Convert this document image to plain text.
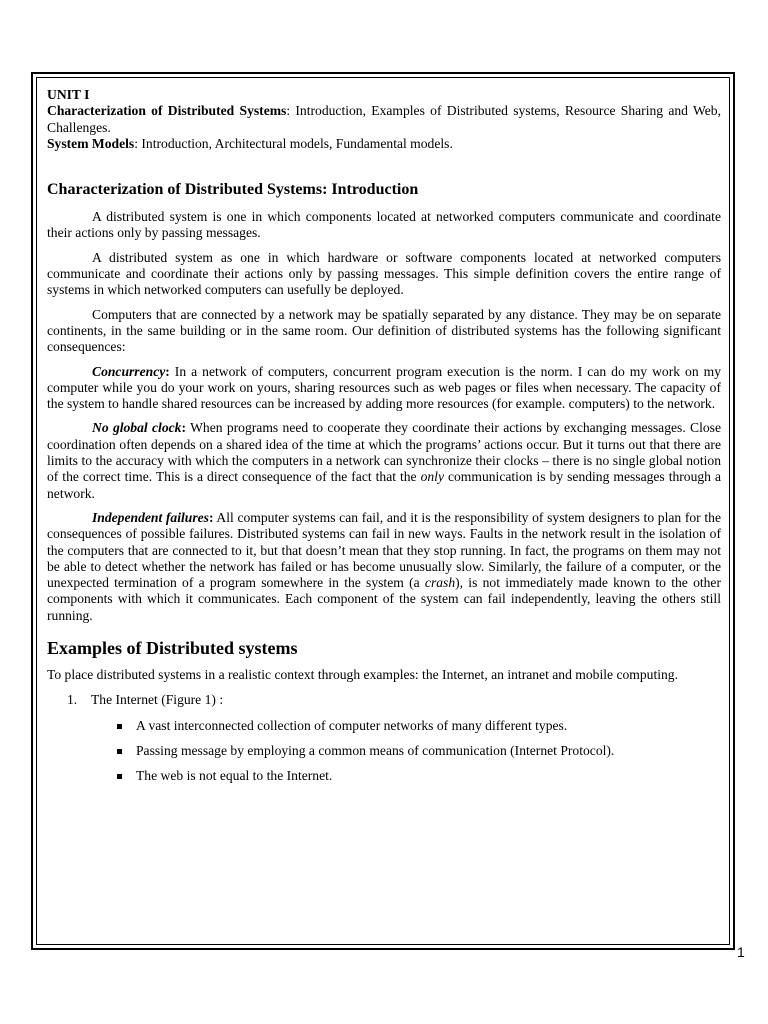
UNIT I

Characterization of Distributed Systems: Introduction, Examples of Distributed systems, Resource Sharing and Web, Challenges.

System Models: Introduction, Architectural models, Fundamental models.

Characterization of Distributed Systems: Introduction

A distributed system is one in which components located at networked computers communicate and coordinate their actions only by passing messages.

A distributed system as one in which hardware or software components located at networked computers communicate and coordinate their actions only by passing messages. This simple definition covers the entire range of systems in which networked computers can usefully be deployed.

Computers that are connected by a network may be spatially separated by any distance. They may be on separate continents, in the same building or in the same room. Our definition of distributed systems has the following significant consequences:

Concurrency: In a network of computers, concurrent program execution is the norm. I can do my work on my computer while you do your work on yours, sharing resources such as web pages or files when necessary. The capacity of the system to handle shared resources can be increased by adding more resources (for example. computers) to the network.

No global clock: When programs need to cooperate they coordinate their actions by exchanging messages. Close coordination often depends on a shared idea of the time at which the programs’ actions occur. But it turns out that there are limits to the accuracy with which the computers in a network can synchronize their clocks – there is no single global notion of the correct time. This is a direct consequence of the fact that the only communication is by sending messages through a network.

Independent failures: All computer systems can fail, and it is the responsibility of system designers to plan for the consequences of possible failures. Distributed systems can fail in new ways. Faults in the network result in the isolation of the computers that are connected to it, but that doesn’t mean that they stop running. In fact, the programs on them may not be able to detect whether the network has failed or has become unusually slow. Similarly, the failure of a computer, or the unexpected termination of a program somewhere in the system (a crash), is not immediately made known to the other components with which it communicates. Each component of the system can fail independently, leaving the others still running.

Examples of Distributed systems

To place distributed systems in a realistic context through examples: the Internet, an intranet and mobile computing.

1. The Internet (Figure 1) :
A vast interconnected collection of computer networks of many different types.
Passing message by employing a common means of communication (Internet Protocol).
The web is not equal to the Internet.
1
